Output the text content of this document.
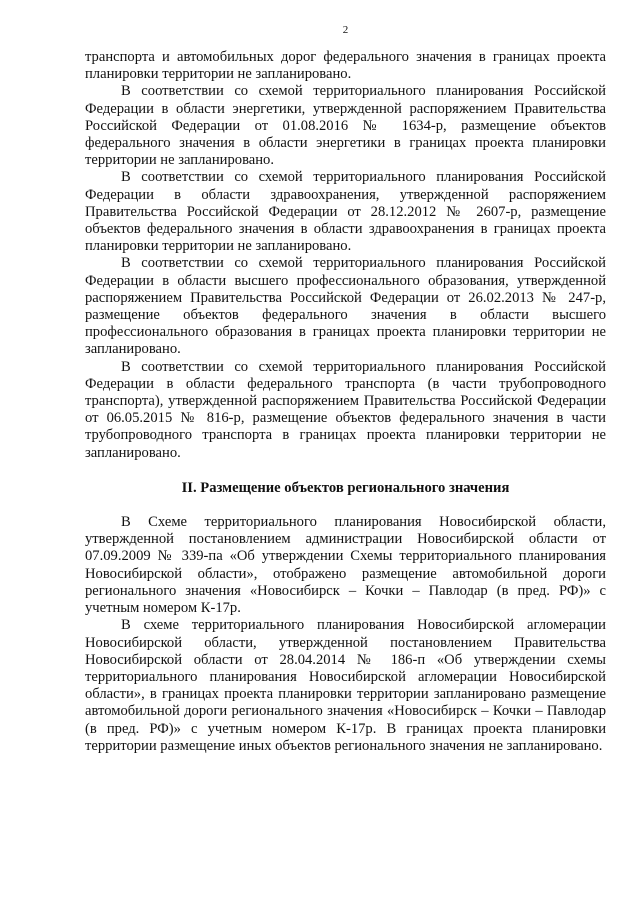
2

транспорта и автомобильных дорог федерального значения в границах проекта планировки территории не запланировано.

В соответствии со схемой территориального планирования Российской Федерации в области энергетики, утвержденной распоряжением Правительства Российской Федерации от 01.08.2016 № 1634-р, размещение объектов федерального значения в области энергетики в границах проекта планировки территории не запланировано.

В соответствии со схемой территориального планирования Российской Федерации в области здравоохранения, утвержденной распоряжением Правительства Российской Федерации от 28.12.2012 № 2607-р, размещение объектов федерального значения в области здравоохранения в границах проекта планировки территории не запланировано.

В соответствии со схемой территориального планирования Российской Федерации в области высшего профессионального образования, утвержденной распоряжением Правительства Российской Федерации от 26.02.2013 № 247-р, размещение объектов федерального значения в области высшего профессионального образования в границах проекта планировки территории не запланировано.

В соответствии со схемой территориального планирования Российской Федерации в области федерального транспорта (в части трубопроводного транспорта), утвержденной распоряжением Правительства Российской Федерации от 06.05.2015 № 816-р, размещение объектов федерального значения в части трубопроводного транспорта в границах проекта планировки территории не запланировано.

II. Размещение объектов регионального значения

В Схеме территориального планирования Новосибирской области, утвержденной постановлением администрации Новосибирской области от 07.09.2009 № 339-па «Об утверждении Схемы территориального планирования Новосибирской области», отображено размещение автомобильной дороги регионального значения «Новосибирск – Кочки – Павлодар (в пред. РФ)» с учетным номером К-17р.

В схеме территориального планирования Новосибирской агломерации Новосибирской области, утвержденной постановлением Правительства Новосибирской области от 28.04.2014 № 186-п «Об утверждении схемы территориального планирования Новосибирской агломерации Новосибирской области», в границах проекта планировки территории запланировано размещение автомобильной дороги регионального значения «Новосибирск – Кочки – Павлодар (в пред. РФ)» с учетным номером К-17р. В границах проекта планировки территории размещение иных объектов регионального значения не запланировано.
